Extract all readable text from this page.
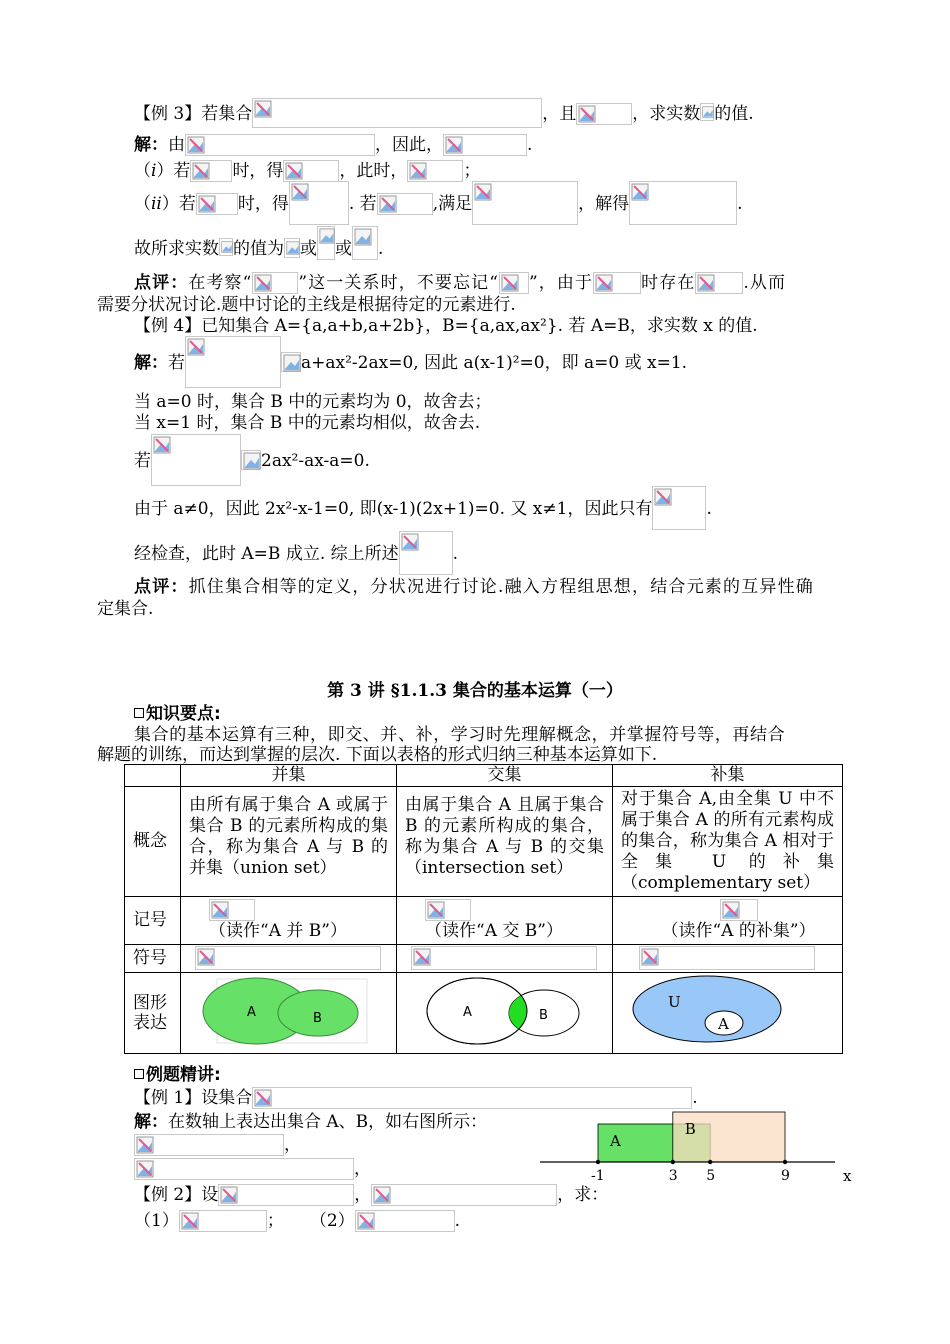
【例 3】若集合	，且	，求实数 的值.
解：由	，因此，	.
（i）若 时，得	，此时，	；
（ii）若 时，得	. 若	,满足	，解得	.
故所求实数 的值为 或 或 .
点评：在考察“	”这一关系时，不要忘记“ ”，由于	时存在	.从而
需要分状况讨论.题中讨论的主线是根据待定的元素进行.
【例 4】已知集合 A={a,a+b,a+2b}，B={a,ax,ax²}. 若 A=B，求实数 x 的值.
解：若	a+ax²-2ax=0, 因此 a(x-1)²=0，即 a=0 或 x=1.
当 a=0 时，集合 B 中的元素均为 0，故舍去；
当 x=1 时，集合 B 中的元素均相似，故舍去.
若	2ax²-ax-a=0.
由于 a≠0，因此 2x²-x-1=0, 即(x-1)(2x+1)=0. 又 x≠1，因此只有	.
经检查，此时 A=B 成立. 综上所述	.
点评：抓住集合相等的定义，分状况进行讨论.融入方程组思想，结合元素的互异性确
定集合.
第 3 讲 §1.1.3 集合的基本运算（一）
知识要点:
集合的基本运算有三种，即交、并、补，学习时先理解概念，并掌握符号等，再结合
解题的训练，而达到掌握的层次. 下面以表格的形式归纳三种基本运算如下.
	并集	交集	补集
概念	由所有属于集合 A 或属于集合 B 的元素所构成的集合，称为集合 A 与 B 的并集（union set）	由属于集合 A 且属于集合 B 的元素所构成的集合，称为集合 A 与 B 的交集（intersection set）	对于集合 A,由全集 U 中不属于集合 A 的所有元素构成的集合，称为集合 A 相对于全集 U 的补集（complementary set）
记号	（读作“A 并 B”）	（读作“A 交 B”）	（读作“A 的补集”）
符号	

图形表达	A B	A B	U
A
例题精讲:
【例 1】设集合	.
解：在数轴上表达出集合 A、B，如右图所示：
，
，
【例 2】设	，	，求：
（1）	； （2）	.
A
B
-1	3 5	9	x
